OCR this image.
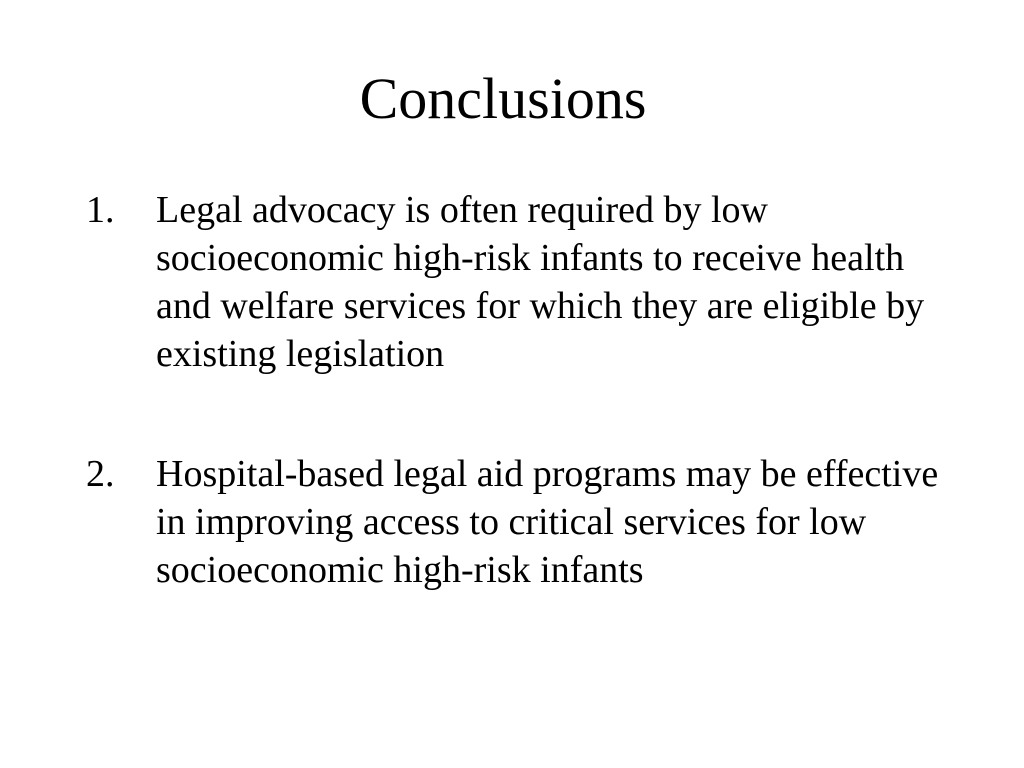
Conclusions
1. Legal advocacy is often required by low socioeconomic high-risk infants to receive health and welfare services for which they are eligible by existing legislation
2. Hospital-based legal aid programs may be effective in improving access to critical services for low socioeconomic high-risk infants
